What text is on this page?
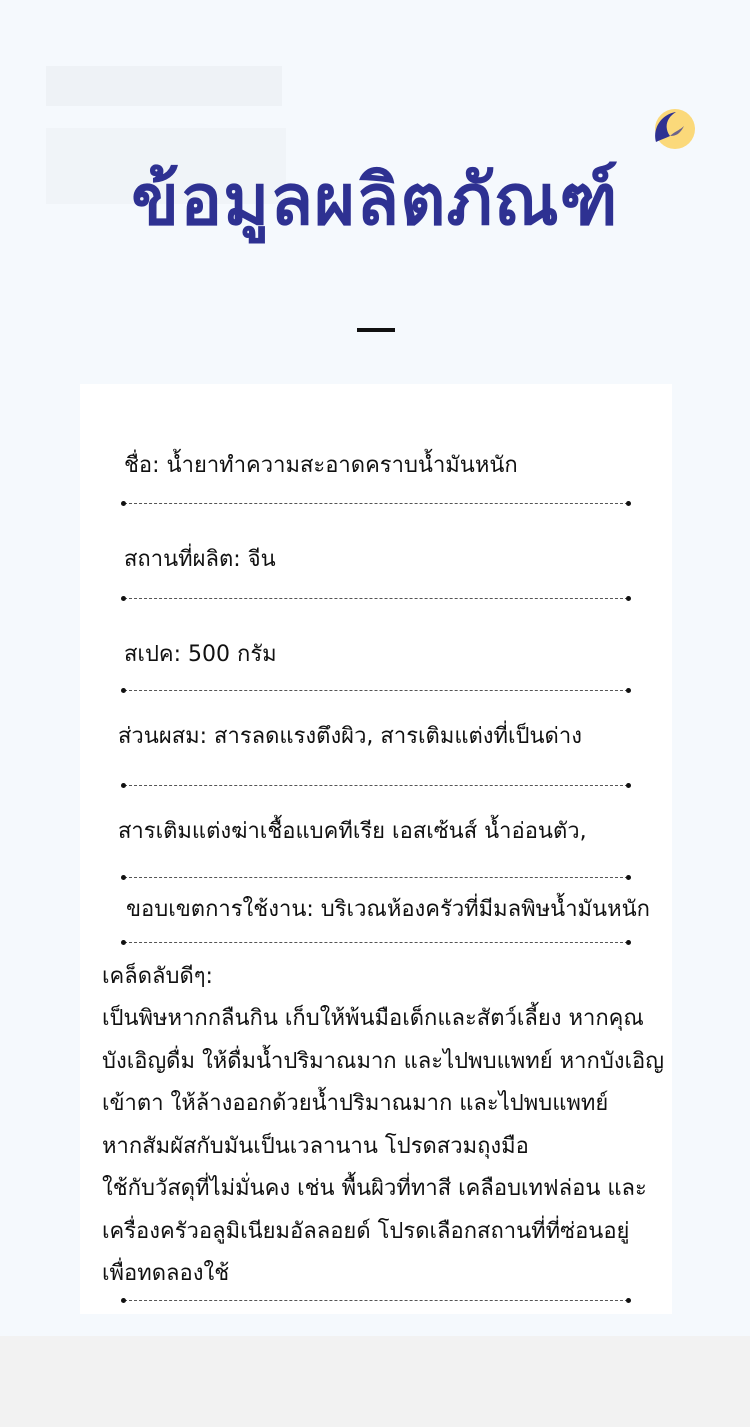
ข้อมูลผลิตภัณฑ์
ชื่อ: น้ำยาทำความสะอาดคราบน้ำมันหนัก
สถานที่ผลิต: จีน
สเปค: 500 กรัม
ส่วนผสม: สารลดแรงตึงผิว, สารเติมแต่งที่เป็นด่าง
สารเติมแต่งฆ่าเชื้อแบคทีเรีย เอสเซ้นส์ น้ำอ่อนตัว,
ขอบเขตการใช้งาน: บริเวณห้องครัวที่มีมลพิษน้ำมันหนัก
เคล็ดลับดีๆ:
เป็นพิษหากกลืนกิน เก็บให้พ้นมือเด็กและสัตว์เลี้ยง หากคุณ
บังเอิญดื่ม ให้ดื่มน้ำปริมาณมาก และไปพบแพทย์ หากบังเอิญ
เข้าตา ให้ล้างออกด้วยน้ำปริมาณมาก และไปพบแพทย์
หากสัมผัสกับมันเป็นเวลานาน โปรดสวมถุงมือ
ใช้กับวัสดุที่ไม่มั่นคง เช่น พื้นผิวที่ทาสี เคลือบเทฟล่อน และ
เครื่องครัวอลูมิเนียมอัลลอยด์ โปรดเลือกสถานที่ที่ซ่อนอยู่
เพื่อทดลองใช้
